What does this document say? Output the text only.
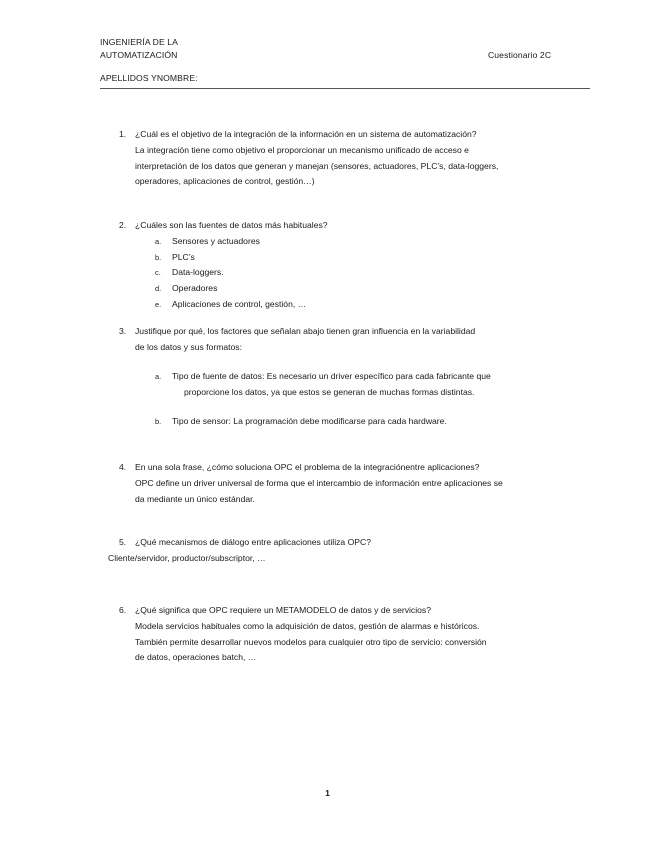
INGENIERÍA DE LA
AUTOMATIZACIÓN	Cuestionario 2C
APELLIDOS YNOMBRE:
1.	¿Cuál es el objetivo de la integración de la información en un sistema de automatización?
La integración tiene como objetivo el proporcionar un mecanismo unificado de acceso e
interpretación de los datos que generan y manejan (sensores, actuadores, PLC’s, data-loggers,
operadores, aplicaciones de control, gestión…)
2.	¿Cuáles son las fuentes de datos más habituales?
a.	Sensores y actuadores
b.	PLC’s
c.	Data-loggers.
d.	Operadores
e.	Aplicaciones de control, gestión, …
3.	Justifique por qué, los factores que señalan abajo tienen gran influencia en la variabilidad
de los datos y sus formatos:
a.	Tipo de fuente de datos: Es necesario un driver específico para cada fabricante que
proporcione los datos, ya que estos se generan de muchas formas distintas.
b.	Tipo de sensor: La programación debe modificarse para cada hardware.
4.	En una sola frase, ¿cómo soluciona OPC el problema de la integraciónentre aplicaciones?
OPC define un driver universal de forma que el intercambio de información entre aplicaciones se
da mediante un único estándar.
5.	¿Qué mecanismos de diálogo entre aplicaciones utiliza OPC?
Cliente/servidor, productor/subscriptor, …
6.	¿Qué significa que OPC requiere un METAMODELO de datos y de servicios?
Modela servicios habituales como la adquisición de datos, gestión de alarmas e históricos.
También permite desarrollar nuevos modelos para cualquier otro tipo de servicio: conversión
de datos, operaciones batch, …
1
